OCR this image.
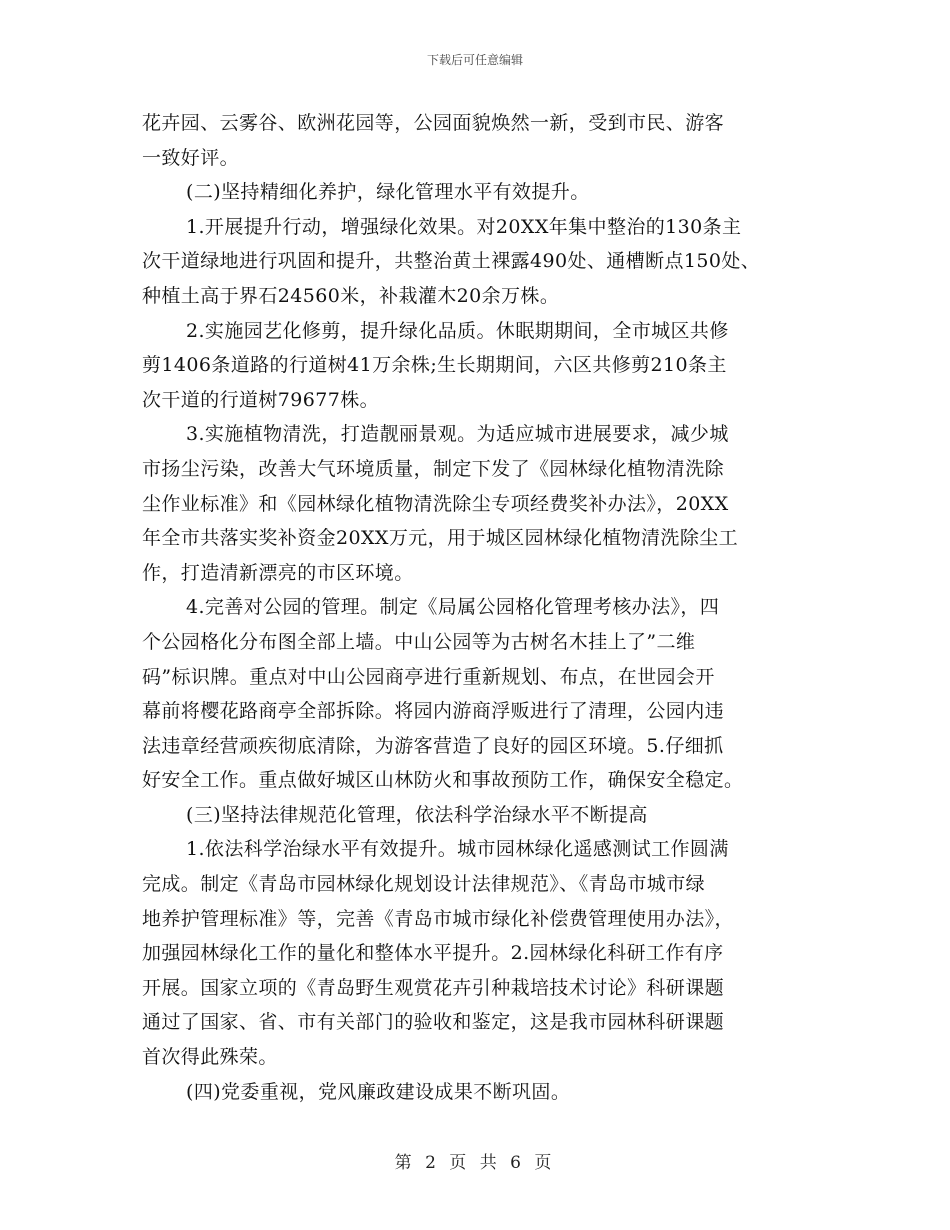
下载后可任意编辑
花卉园、云雾谷、欧洲花园等，公园面貌焕然一新，受到市民、游客
一致好评。
(二)坚持精细化养护，绿化管理水平有效提升。
1.开展提升行动，增强绿化效果。对20XX年集中整治的130条主
次干道绿地进行巩固和提升，共整治黄土裸露490处、通槽断点150处、
种植土高于界石24560米，补栽灌木20余万株。
2.实施园艺化修剪，提升绿化品质。休眠期期间，全市城区共修
剪1406条道路的行道树41万余株;生长期期间，六区共修剪210条主
次干道的行道树79677株。
3.实施植物清洗，打造靓丽景观。为适应城市进展要求，减少城
市扬尘污染，改善大气环境质量，制定下发了《园林绿化植物清洗除
尘作业标准》和《园林绿化植物清洗除尘专项经费奖补办法》，20XX
年全市共落实奖补资金20XX万元，用于城区园林绿化植物清洗除尘工
作，打造清新漂亮的市区环境。
4.完善对公园的管理。制定《局属公园格化管理考核办法》，四
个公园格化分布图全部上墙。中山公园等为古树名木挂上了”二维
码”标识牌。重点对中山公园商亭进行重新规划、布点，在世园会开
幕前将樱花路商亭全部拆除。将园内游商浮贩进行了清理，公园内违
法违章经营顽疾彻底清除，为游客营造了良好的园区环境。5.仔细抓
好安全工作。重点做好城区山林防火和事故预防工作，确保安全稳定。
(三)坚持法律规范化管理，依法科学治绿水平不断提高
1.依法科学治绿水平有效提升。城市园林绿化遥感测试工作圆满
完成。制定《青岛市园林绿化规划设计法律规范》、《青岛市城市绿
地养护管理标准》等，完善《青岛市城市绿化补偿费管理使用办法》，
加强园林绿化工作的量化和整体水平提升。2.园林绿化科研工作有序
开展。国家立项的《青岛野生观赏花卉引种栽培技术讨论》科研课题
通过了国家、省、市有关部门的验收和鉴定，这是我市园林科研课题
首次得此殊荣。
(四)党委重视，党风廉政建设成果不断巩固。
第 2 页 共 6 页
